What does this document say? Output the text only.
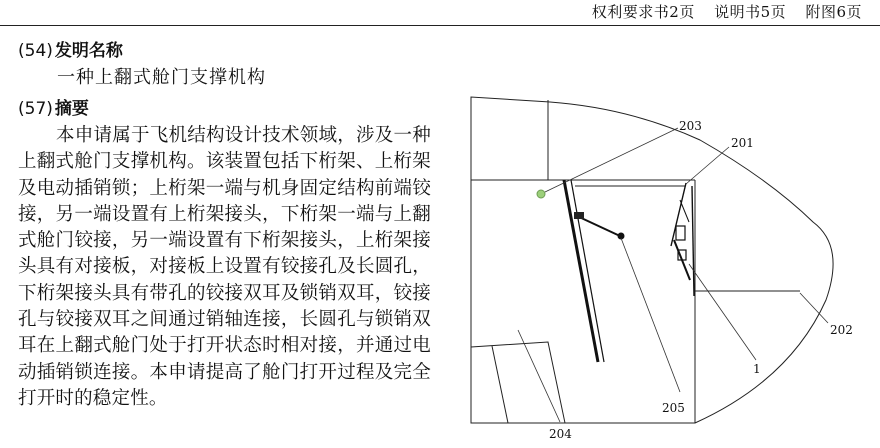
权利要求书2页 说明书5页 附图6页
(54) 发明名称
一种上翻式舱门支撑机构
(57) 摘要
本申请属于飞机结构设计技术领域，涉及一种上翻式舱门支撑机构。该装置包括下桁架、上桁架及电动插销锁；上桁架一端与机身固定结构前端铰接，另一端设置有上桁架接头，下桁架一端与上翻式舱门铰接，另一端设置有下桁架接头，上桁架接头具有对接板，对接板上设置有铰接孔及长圆孔，下桁架接头具有带孔的铰接双耳及锁销双耳，铰接孔与铰接双耳之间通过销轴连接，长圆孔与锁销双耳在上翻式舱门处于打开状态时相对接，并通过电动插销锁连接。本申请提高了舱门打开过程及完全打开时的稳定性。
203
201
202
1
205
204
